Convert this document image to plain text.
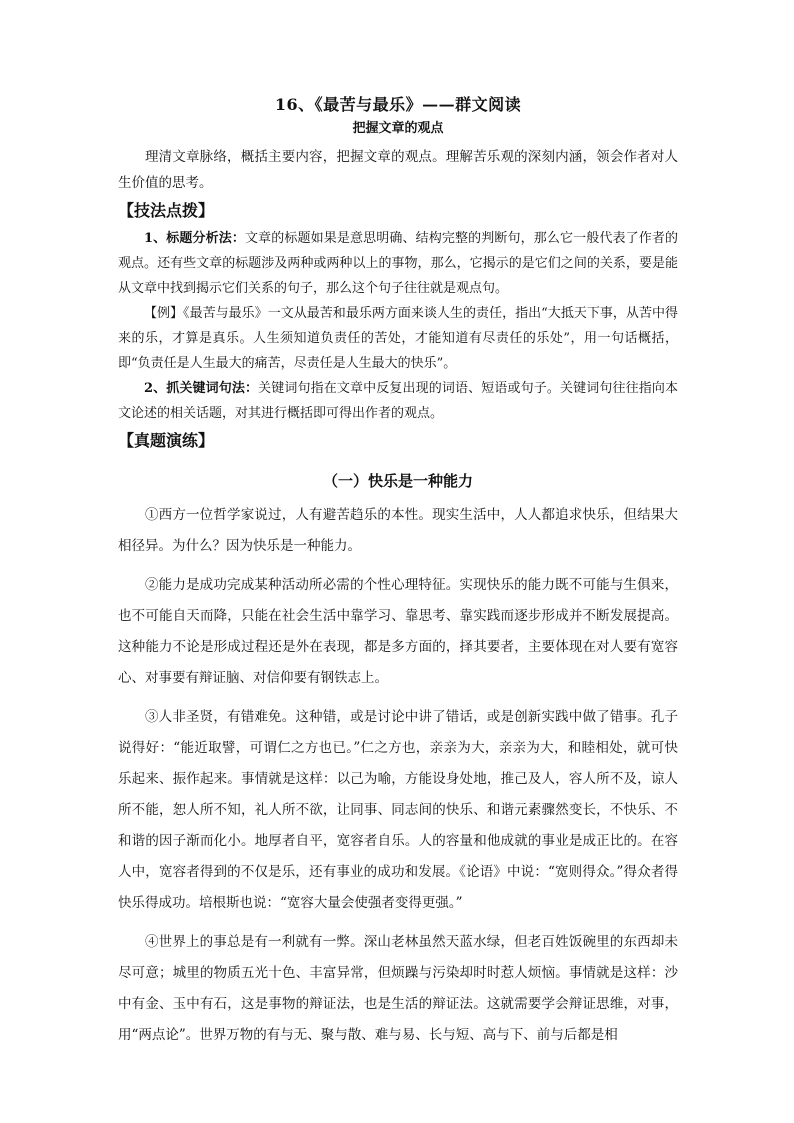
16、《最苦与最乐》——群文阅读
把握文章的观点

理清文章脉络，概括主要内容，把握文章的观点。理解苦乐观的深刻内涵，领会作者对人生价值的思考。

【技法点拨】

1、标题分析法：文章的标题如果是意思明确、结构完整的判断句，那么它一般代表了作者的观点。还有些文章的标题涉及两种或两种以上的事物，那么，它揭示的是它们之间的关系，要是能从文章中找到揭示它们关系的句子，那么这个句子往往就是观点句。

【例】《最苦与最乐》一文从最苦和最乐两方面来谈人生的责任，指出“大抵天下事，从苦中得来的乐，才算是真乐。人生须知道负责任的苦处，才能知道有尽责任的乐处”，用一句话概括，即“负责任是人生最大的痛苦，尽责任是人生最大的快乐”。

2、抓关键词句法：关键词句指在文章中反复出现的词语、短语或句子。关键词句往往指向本文论述的相关话题，对其进行概括即可得出作者的观点。

【真题演练】
（一）快乐是一种能力

①西方一位哲学家说过，人有避苦趋乐的本性。现实生活中，人人都追求快乐，但结果大相径异。为什么？因为快乐是一种能力。

②能力是成功完成某种活动所必需的个性心理特征。实现快乐的能力既不可能与生俱来，也不可能自天而降，只能在社会生活中靠学习、靠思考、靠实践而逐步形成并不断发展提高。这种能力不论是形成过程还是外在表现，都是多方面的，择其要者，主要体现在对人要有宽容心、对事要有辩证脑、对信仰要有钢铁志上。

③人非圣贤，有错难免。这种错，或是讨论中讲了错话，或是创新实践中做了错事。孔子说得好：“能近取譬，可谓仁之方也已。”仁之方也，亲亲为大，亲亲为大，和睦相处，就可快乐起来、振作起来。事情就是这样：以己为喻，方能设身处地，推己及人，容人所不及，谅人所不能，恕人所不知，礼人所不欲，让同事、同志间的快乐、和谐元素骤然变长，不快乐、不和谐的因子渐而化小。地厚者自平，宽容者自乐。人的容量和他成就的事业是成正比的。在容人中，宽容者得到的不仅是乐，还有事业的成功和发展。《论语》中说：“宽则得众。”得众者得快乐得成功。培根斯也说：“宽容大量会使强者变得更强。”

④世界上的事总是有一利就有一弊。深山老林虽然天蓝水绿，但老百姓饭碗里的东西却未尽可意；城里的物质五光十色、丰富异常，但烦躁与污染却时时惹人烦恼。事情就是这样：沙中有金、玉中有石，这是事物的辩证法，也是生活的辩证法。这就需要学会辩证思维，对事，用“两点论”。世界万物的有与无、聚与散、难与易、长与短、高与下、前与后都是相
